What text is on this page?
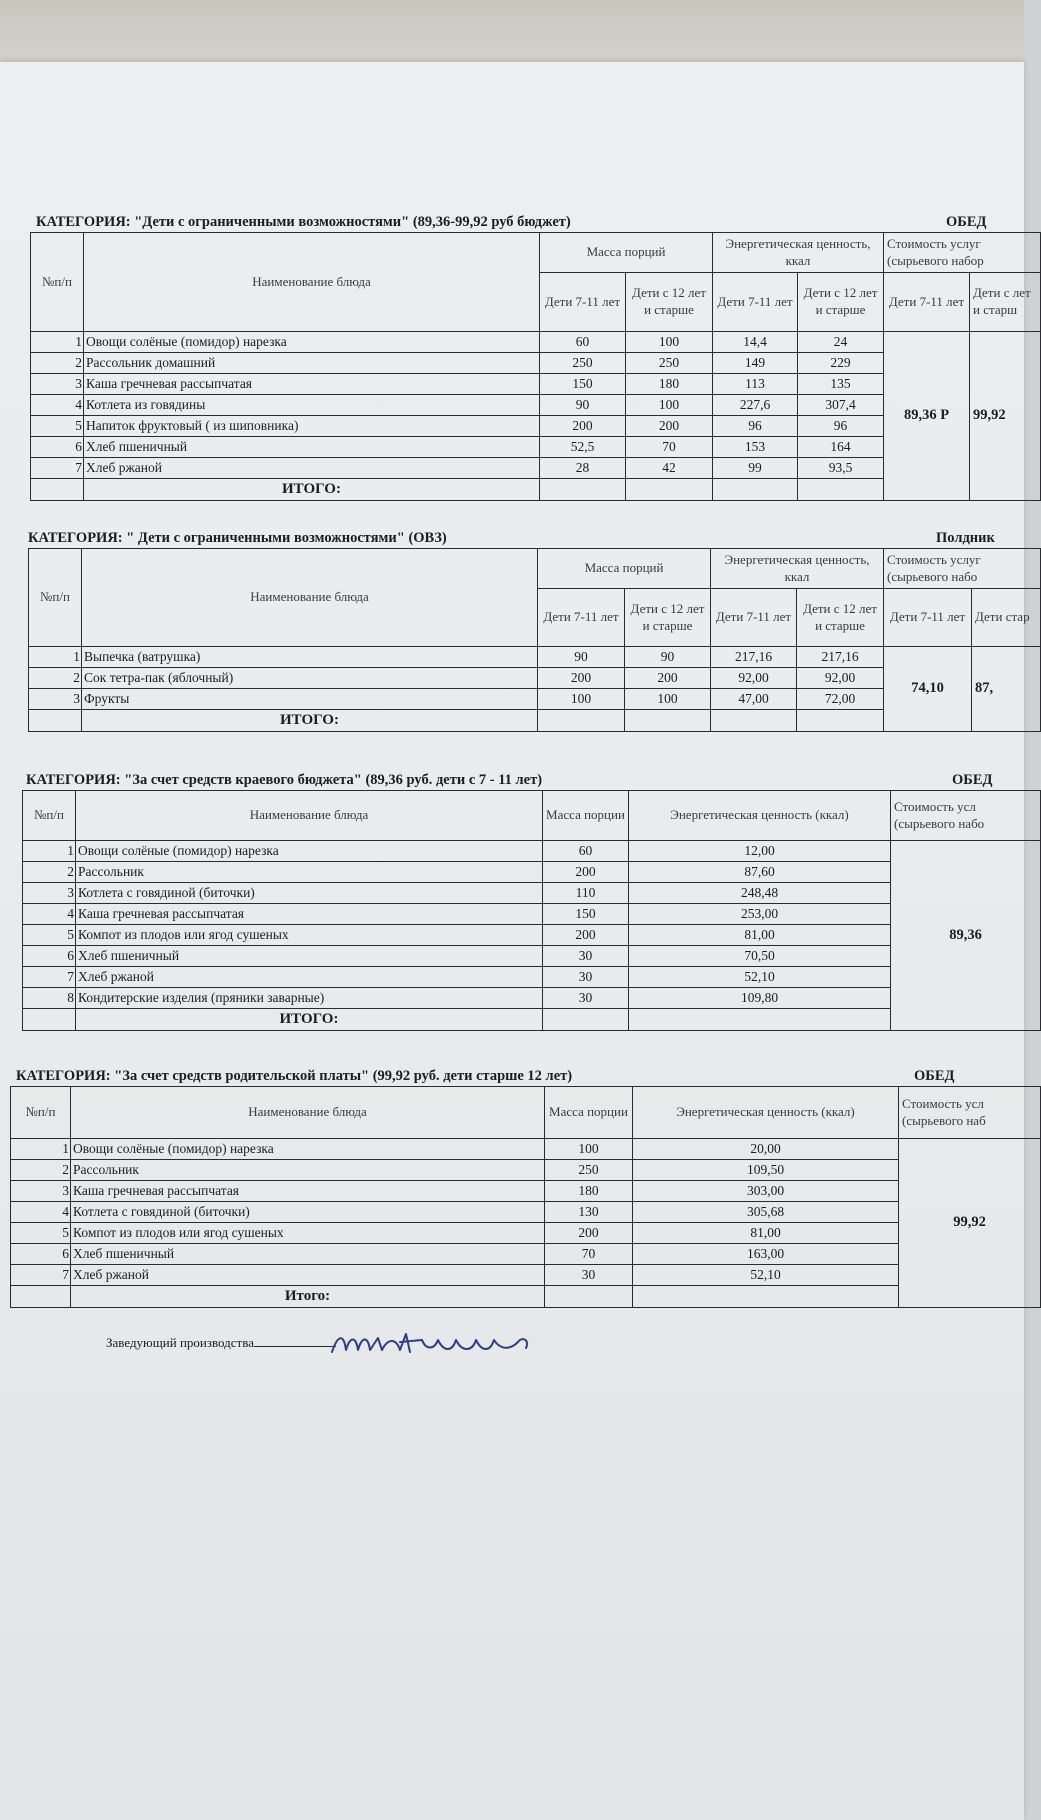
КАТЕГОРИЯ: "Дети с ограниченными возможностями" (89,36-99,92 руб бюджет)	ОБЕД
№п/п	Наименование блюда	Масса порций		Энергетическая ценность, ккал		Стоимость услуг (сырьевого набор	
		Дети 7-11 лет	Дети с 12 лет и старше	Дети 7-11 лет	Дети с 12 лет и старше	Дети 7-11 лет	Дети с лет и старш
1	Овощи солёные (помидор) нарезка	60	100	14,4	24	89,36 Р	99,92
2	Рассольник домашний	250	250	149	229		
3	Каша гречневая рассыпчатая	150	180	113	135		
4	Котлета из говядины	90	100	227,6	307,4		
5	Напиток фруктовый ( из шиповника)	200	200	96	96		
6	Хлеб пшеничный	52,5	70	153	164		
7	Хлеб ржаной	28	42	99	93,5		
	ИТОГО:						
КАТЕГОРИЯ: " Дети с ограниченными возможностями" (ОВЗ)	Полдник
№п/п	Наименование блюда	Масса порций		Энергетическая ценность, ккал		Стоимость услуг (сырьевого набо	
		Дети 7-11 лет	Дети с 12 лет и старше	Дети 7-11 лет	Дети с 12 лет и старше	Дети 7-11 лет	Дети стар
1	Выпечка (ватрушка)	90	90	217,16	217,16	74,10	87,
2	Сок тетра-пак (яблочный)	200	200	92,00	92,00		
3	Фрукты	100	100	47,00	72,00		
	ИТОГО:						
КАТЕГОРИЯ: "За счет средств краевого бюджета" (89,36 руб. дети с 7 - 11 лет)	ОБЕД
№п/п	Наименование блюда	Масса порции	Энергетическая ценность (ккал)	Стоимость усл (сырьевого набо
1	Овощи солёные (помидор) нарезка	60	12,00	89,36
2	Рассольник	200	87,60	
3	Котлета с говядиной (биточки)	110	248,48	
4	Каша гречневая рассыпчатая	150	253,00	
5	Компот из плодов или ягод сушеных	200	81,00	
6	Хлеб пшеничный	30	70,50	
7	Хлеб ржаной	30	52,10	
8	Кондитерские изделия (пряники заварные)	30	109,80	
	ИТОГО:			
КАТЕГОРИЯ: "За счет средств родительской платы" (99,92 руб. дети старше 12 лет)	ОБЕД
№п/п	Наименование блюда	Масса порции	Энергетическая ценность (ккал)	Стоимость усл (сырьевого наб
1	Овощи солёные (помидор) нарезка	100	20,00	99,92
2	Рассольник	250	109,50	
3	Каша гречневая рассыпчатая	180	303,00	
4	Котлета с говядиной (биточки)	130	305,68	
5	Компот из плодов или ягод сушеных	200	81,00	
6	Хлеб пшеничный	70	163,00	
7	Хлеб ржаной	30	52,10	
	Итого:			
Заведующий производства
